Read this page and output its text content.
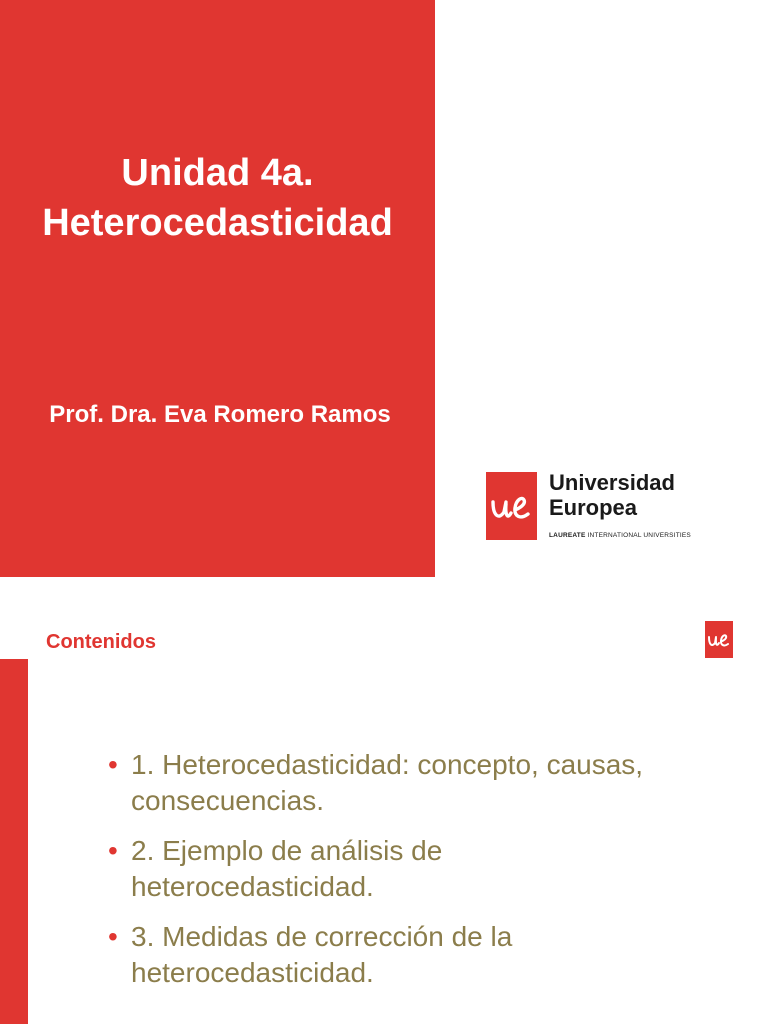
Unidad 4a.
Heterocedasticidad
Prof. Dra. Eva Romero Ramos
Universidad
Europea
LAUREATE INTERNATIONAL UNIVERSITIES
Contenidos
• 1. Heterocedasticidad: concepto, causas, consecuencias.
• 2. Ejemplo de análisis de heterocedasticidad.
• 3. Medidas de corrección de la heterocedasticidad.
